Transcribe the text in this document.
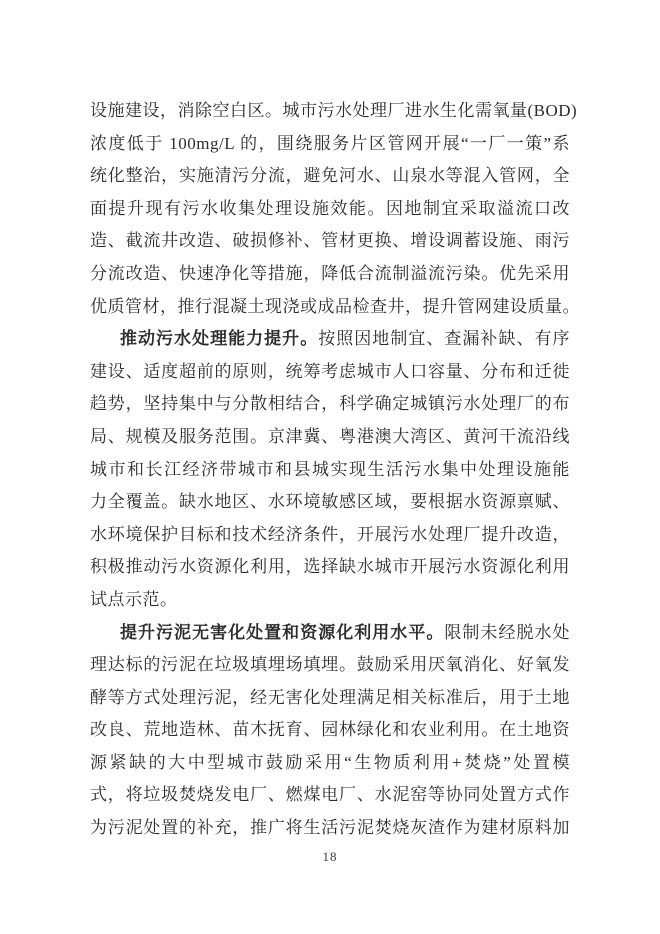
设施建设，消除空白区。城市污水处理厂进水生化需氧量(BOD)
浓度低于 100mg/L 的，围绕服务片区管网开展“一厂一策”系
统化整治，实施清污分流，避免河水、山泉水等混入管网，全
面提升现有污水收集处理设施效能。因地制宜采取溢流口改
造、截流井改造、破损修补、管材更换、增设调蓄设施、雨污
分流改造、快速净化等措施，降低合流制溢流污染。优先采用
优质管材，推行混凝土现浇或成品检查井，提升管网建设质量。
推动污水处理能力提升。按照因地制宜、查漏补缺、有序
建设、适度超前的原则，统筹考虑城市人口容量、分布和迁徙
趋势，坚持集中与分散相结合，科学确定城镇污水处理厂的布
局、规模及服务范围。京津冀、粤港澳大湾区、黄河干流沿线
城市和长江经济带城市和县城实现生活污水集中处理设施能
力全覆盖。缺水地区、水环境敏感区域，要根据水资源禀赋、
水环境保护目标和技术经济条件，开展污水处理厂提升改造，
积极推动污水资源化利用，选择缺水城市开展污水资源化利用
试点示范。
提升污泥无害化处置和资源化利用水平。限制未经脱水处
理达标的污泥在垃圾填埋场填埋。鼓励采用厌氧消化、好氧发
酵等方式处理污泥，经无害化处理满足相关标准后，用于土地
改良、荒地造林、苗木抚育、园林绿化和农业利用。在土地资
源紧缺的大中型城市鼓励采用“生物质利用+焚烧”处置模
式，将垃圾焚烧发电厂、燃煤电厂、水泥窑等协同处置方式作
为污泥处置的补充，推广将生活污泥焚烧灰渣作为建材原料加
18
